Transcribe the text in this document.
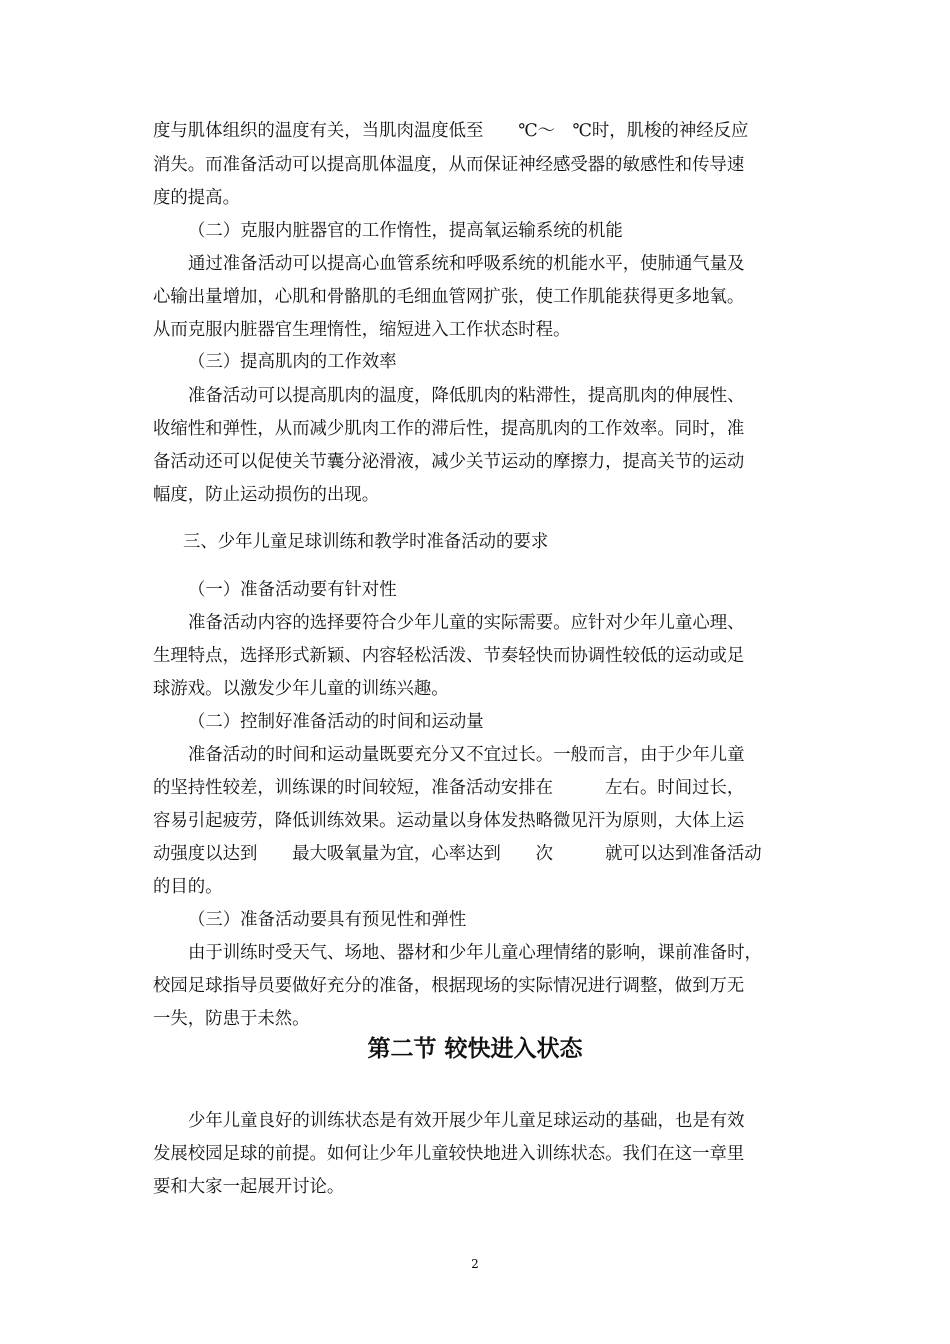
度与肌体组织的温度有关，当肌肉温度低至　　℃～　℃时，肌梭的神经反应

消失。而准备活动可以提高肌体温度，从而保证神经感受器的敏感性和传导速

度的提高。

（二）克服内脏器官的工作惰性，提高氧运输系统的机能

通过准备活动可以提高心血管系统和呼吸系统的机能水平，使肺通气量及

心输出量增加，心肌和骨骼肌的毛细血管网扩张，使工作肌能获得更多地氧。

从而克服内脏器官生理惰性，缩短进入工作状态时程。

（三）提高肌肉的工作效率

准备活动可以提高肌肉的温度，降低肌肉的粘滞性，提高肌肉的伸展性、

收缩性和弹性，从而减少肌肉工作的滞后性，提高肌肉的工作效率。同时，准

备活动还可以促使关节囊分泌滑液，减少关节运动的摩擦力，提高关节的运动

幅度，防止运动损伤的出现。

三、少年儿童足球训练和教学时准备活动的要求

（一）准备活动要有针对性

准备活动内容的选择要符合少年儿童的实际需要。应针对少年儿童心理、

生理特点，选择形式新颖、内容轻松活泼、节奏轻快而协调性较低的运动或足

球游戏。以激发少年儿童的训练兴趣。

（二）控制好准备活动的时间和运动量

准备活动的时间和运动量既要充分又不宜过长。一般而言，由于少年儿童

的坚持性较差，训练课的时间较短，准备活动安排在　　　左右。时间过长，

容易引起疲劳，降低训练效果。运动量以身体发热略微见汗为原则，大体上运

动强度以达到　　最大吸氧量为宜，心率达到　　次　　　就可以达到准备活动

的目的。

（三）准备活动要具有预见性和弹性

由于训练时受天气、场地、器材和少年儿童心理情绪的影响，课前准备时，

校园足球指导员要做好充分的准备，根据现场的实际情况进行调整，做到万无

一失，防患于未然。

第二节 较快进入状态

少年儿童良好的训练状态是有效开展少年儿童足球运动的基础，也是有效

发展校园足球的前提。如何让少年儿童较快地进入训练状态。我们在这一章里

要和大家一起展开讨论。

2
